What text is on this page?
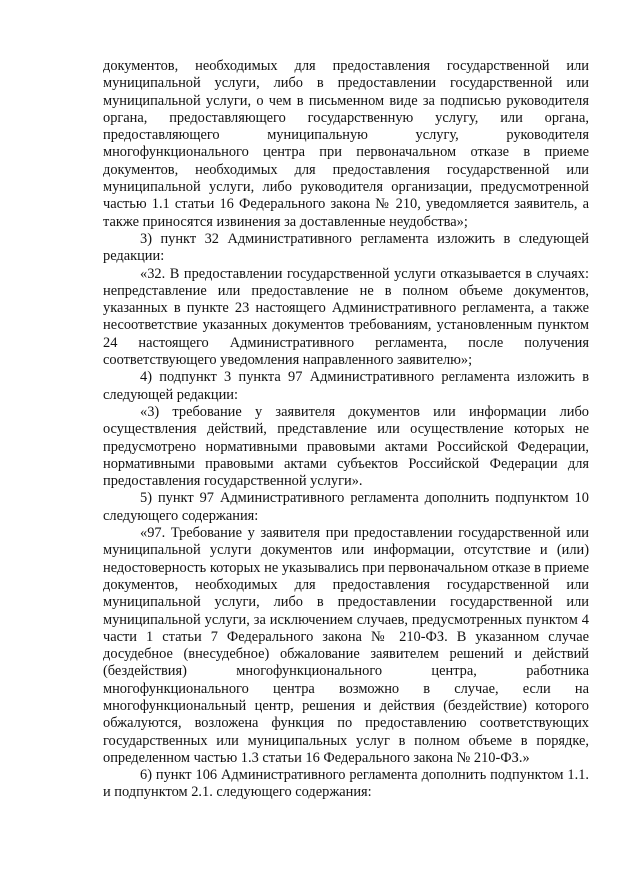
документов, необходимых для предоставления государственной или муниципальной услуги, либо в предоставлении государственной или муниципальной услуги, о чем в письменном виде за подписью руководителя органа, предоставляющего государственную услугу, или органа, предоставляющего муниципальную услугу, руководителя многофункционального центра при первоначальном отказе в приеме документов, необходимых для предоставления государственной или муниципальной услуги, либо руководителя организации, предусмотренной частью 1.1 статьи 16 Федерального закона № 210, уведомляется заявитель, а также приносятся извинения за доставленные неудобства»;

3) пункт 32 Административного регламента изложить в следующей редакции:

«32. В предоставлении государственной услуги отказывается в случаях: непредставление или предоставление не в полном объеме документов, указанных в пункте 23 настоящего Административного регламента, а также несоответствие указанных документов требованиям, установленным пунктом 24 настоящего Административного регламента, после получения соответствующего уведомления направленного заявителю»;

4) подпункт 3 пункта 97 Административного регламента изложить в следующей редакции:

«3) требование у заявителя документов или информации либо осуществления действий, представление или осуществление которых не предусмотрено нормативными правовыми актами Российской Федерации, нормативными правовыми актами субъектов Российской Федерации для предоставления государственной услуги».

5) пункт 97 Административного регламента дополнить подпунктом 10 следующего содержания:

«97. Требование у заявителя при предоставлении государственной или муниципальной услуги документов или информации, отсутствие и (или) недостоверность которых не указывались при первоначальном отказе в приеме документов, необходимых для предоставления государственной или муниципальной услуги, либо в предоставлении государственной или муниципальной услуги, за исключением случаев, предусмотренных пунктом 4 части 1 статьи 7 Федерального закона № 210-ФЗ. В указанном случае досудебное (внесудебное) обжалование заявителем решений и действий (бездействия) многофункционального центра, работника многофункционального центра возможно в случае, если на многофункциональный центр, решения и действия (бездействие) которого обжалуются, возложена функция по предоставлению соответствующих государственных или муниципальных услуг в полном объеме в порядке, определенном частью 1.3 статьи 16 Федерального закона № 210-ФЗ.»

6) пункт 106 Административного регламента дополнить подпунктом 1.1. и подпунктом 2.1. следующего содержания:
